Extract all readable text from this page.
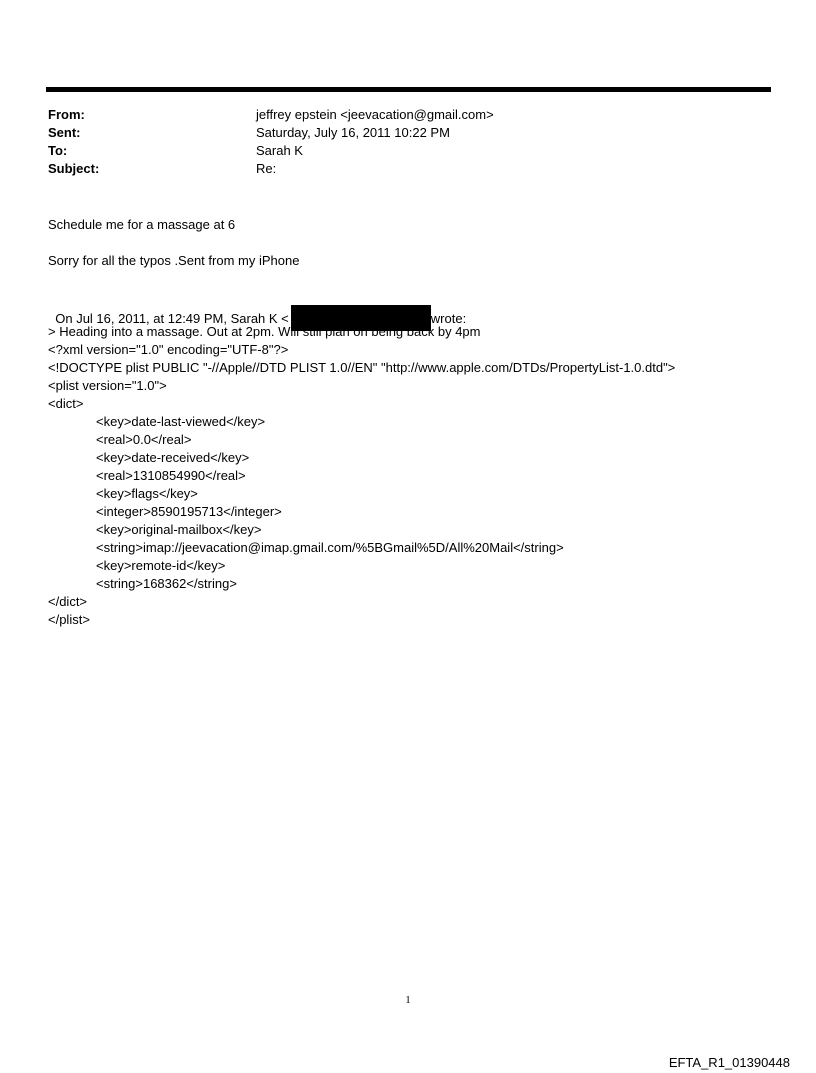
From:	jeffrey epstein <jeevacation@gmail.com>
Sent:	Saturday, July 16, 2011 10:22 PM
To:	Sarah K
Subject:	Re:
Schedule me for a massage at 6
Sorry for all the typos .Sent from my iPhone

On Jul 16, 2011, at 12:49 PM, Sarah K <	wrote:

> Heading into a massage. Out at 2pm. Will still plan on being back by 4pm
<?xml version="1.0" encoding="UTF-8"?>
<!DOCTYPE plist PUBLIC "-//Apple//DTD PLIST 1.0//EN" "http://www.apple.com/DTDs/PropertyList-1.0.dtd">
<plist version="1.0">
<dict>
<key>date-last-viewed</key>
<real>0.0</real>
<key>date-received</key>
<real>1310854990</real>
<key>flags</key>
<integer>8590195713</integer>
<key>original-mailbox</key>
<string>imap://jeevacation@imap.gmail.com/%5BGmail%5D/All%20Mail</string>
<key>remote-id</key>
<string>168362</string>
</dict>
</plist>
1
EFTA_R1_01390448
